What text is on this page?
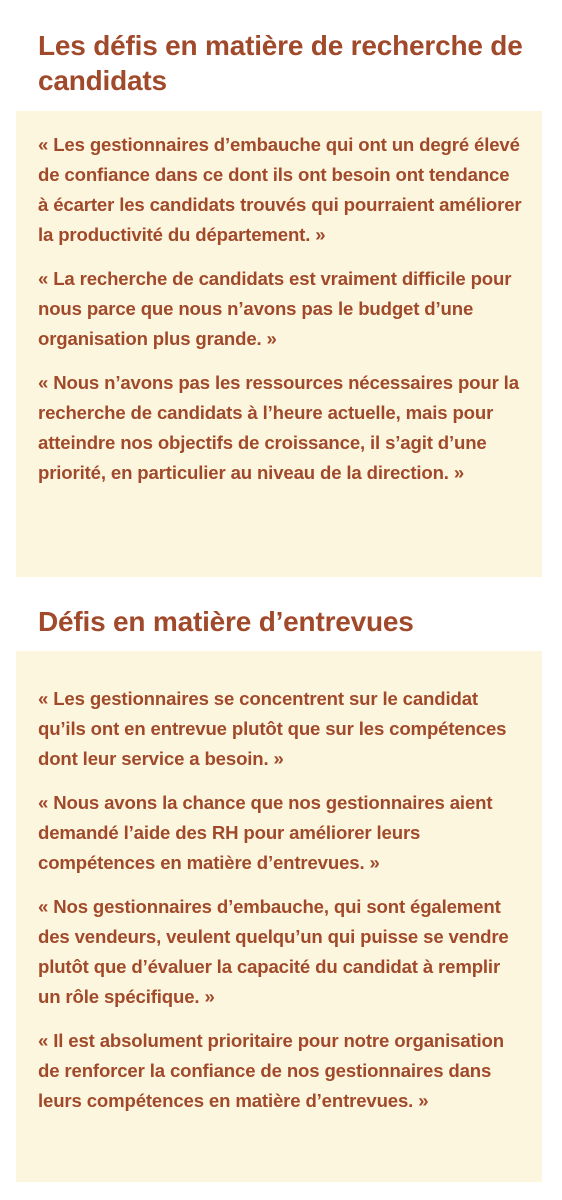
Les défis en matière de recherche de candidats

« Les gestionnaires d’embauche qui ont un degré élevé de confiance dans ce dont ils ont besoin ont tendance à écarter les candidats trouvés qui pourraient améliorer la productivité du département. »

« La recherche de candidats est vraiment difficile pour nous parce que nous n’avons pas le budget d’une organisation plus grande. »

« Nous n’avons pas les ressources nécessaires pour la recherche de candidats à l’heure actuelle, mais pour atteindre nos objectifs de croissance, il s’agit d’une priorité, en particulier au niveau de la direction. »

Défis en matière d’entrevues

« Les gestionnaires se concentrent sur le candidat qu’ils ont en entrevue plutôt que sur les compétences dont leur service a besoin. »

« Nous avons la chance que nos gestionnaires aient demandé l’aide des RH pour améliorer leurs compétences en matière d’entrevues. »

« Nos gestionnaires d’embauche, qui sont également des vendeurs, veulent quelqu’un qui puisse se vendre plutôt que d’évaluer la capacité du candidat à remplir un rôle spécifique. »

« Il est absolument prioritaire pour notre organisation de renforcer la confiance de nos gestionnaires dans leurs compétences en matière d’entrevues. »
